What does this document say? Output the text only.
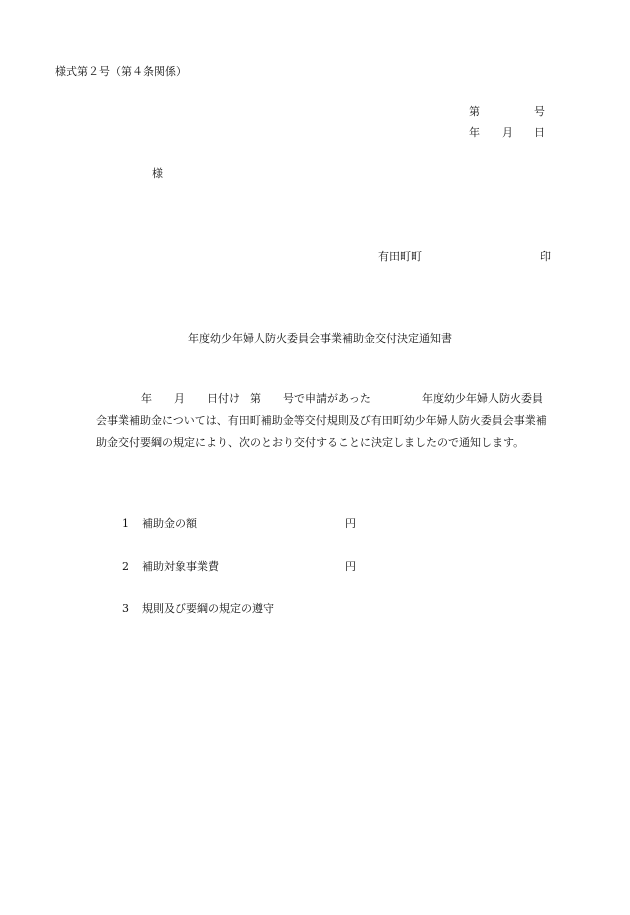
様式第２号（第４条関係）
第	号
年 月 日
様
有田町町	印
年度幼少年婦人防火委員会事業補助金交付決定通知書
年 月 日付け 第 号で申請があった	年度幼少年婦人防火委員
会事業補助金については、有田町補助金等交付規則及び有田町幼少年婦人防火委員会事業補
助金交付要綱の規定により、次のとおり交付することに決定しましたので通知します。
1 補助金の額	円
2 補助対象事業費	円
3 規則及び要綱の規定の遵守
